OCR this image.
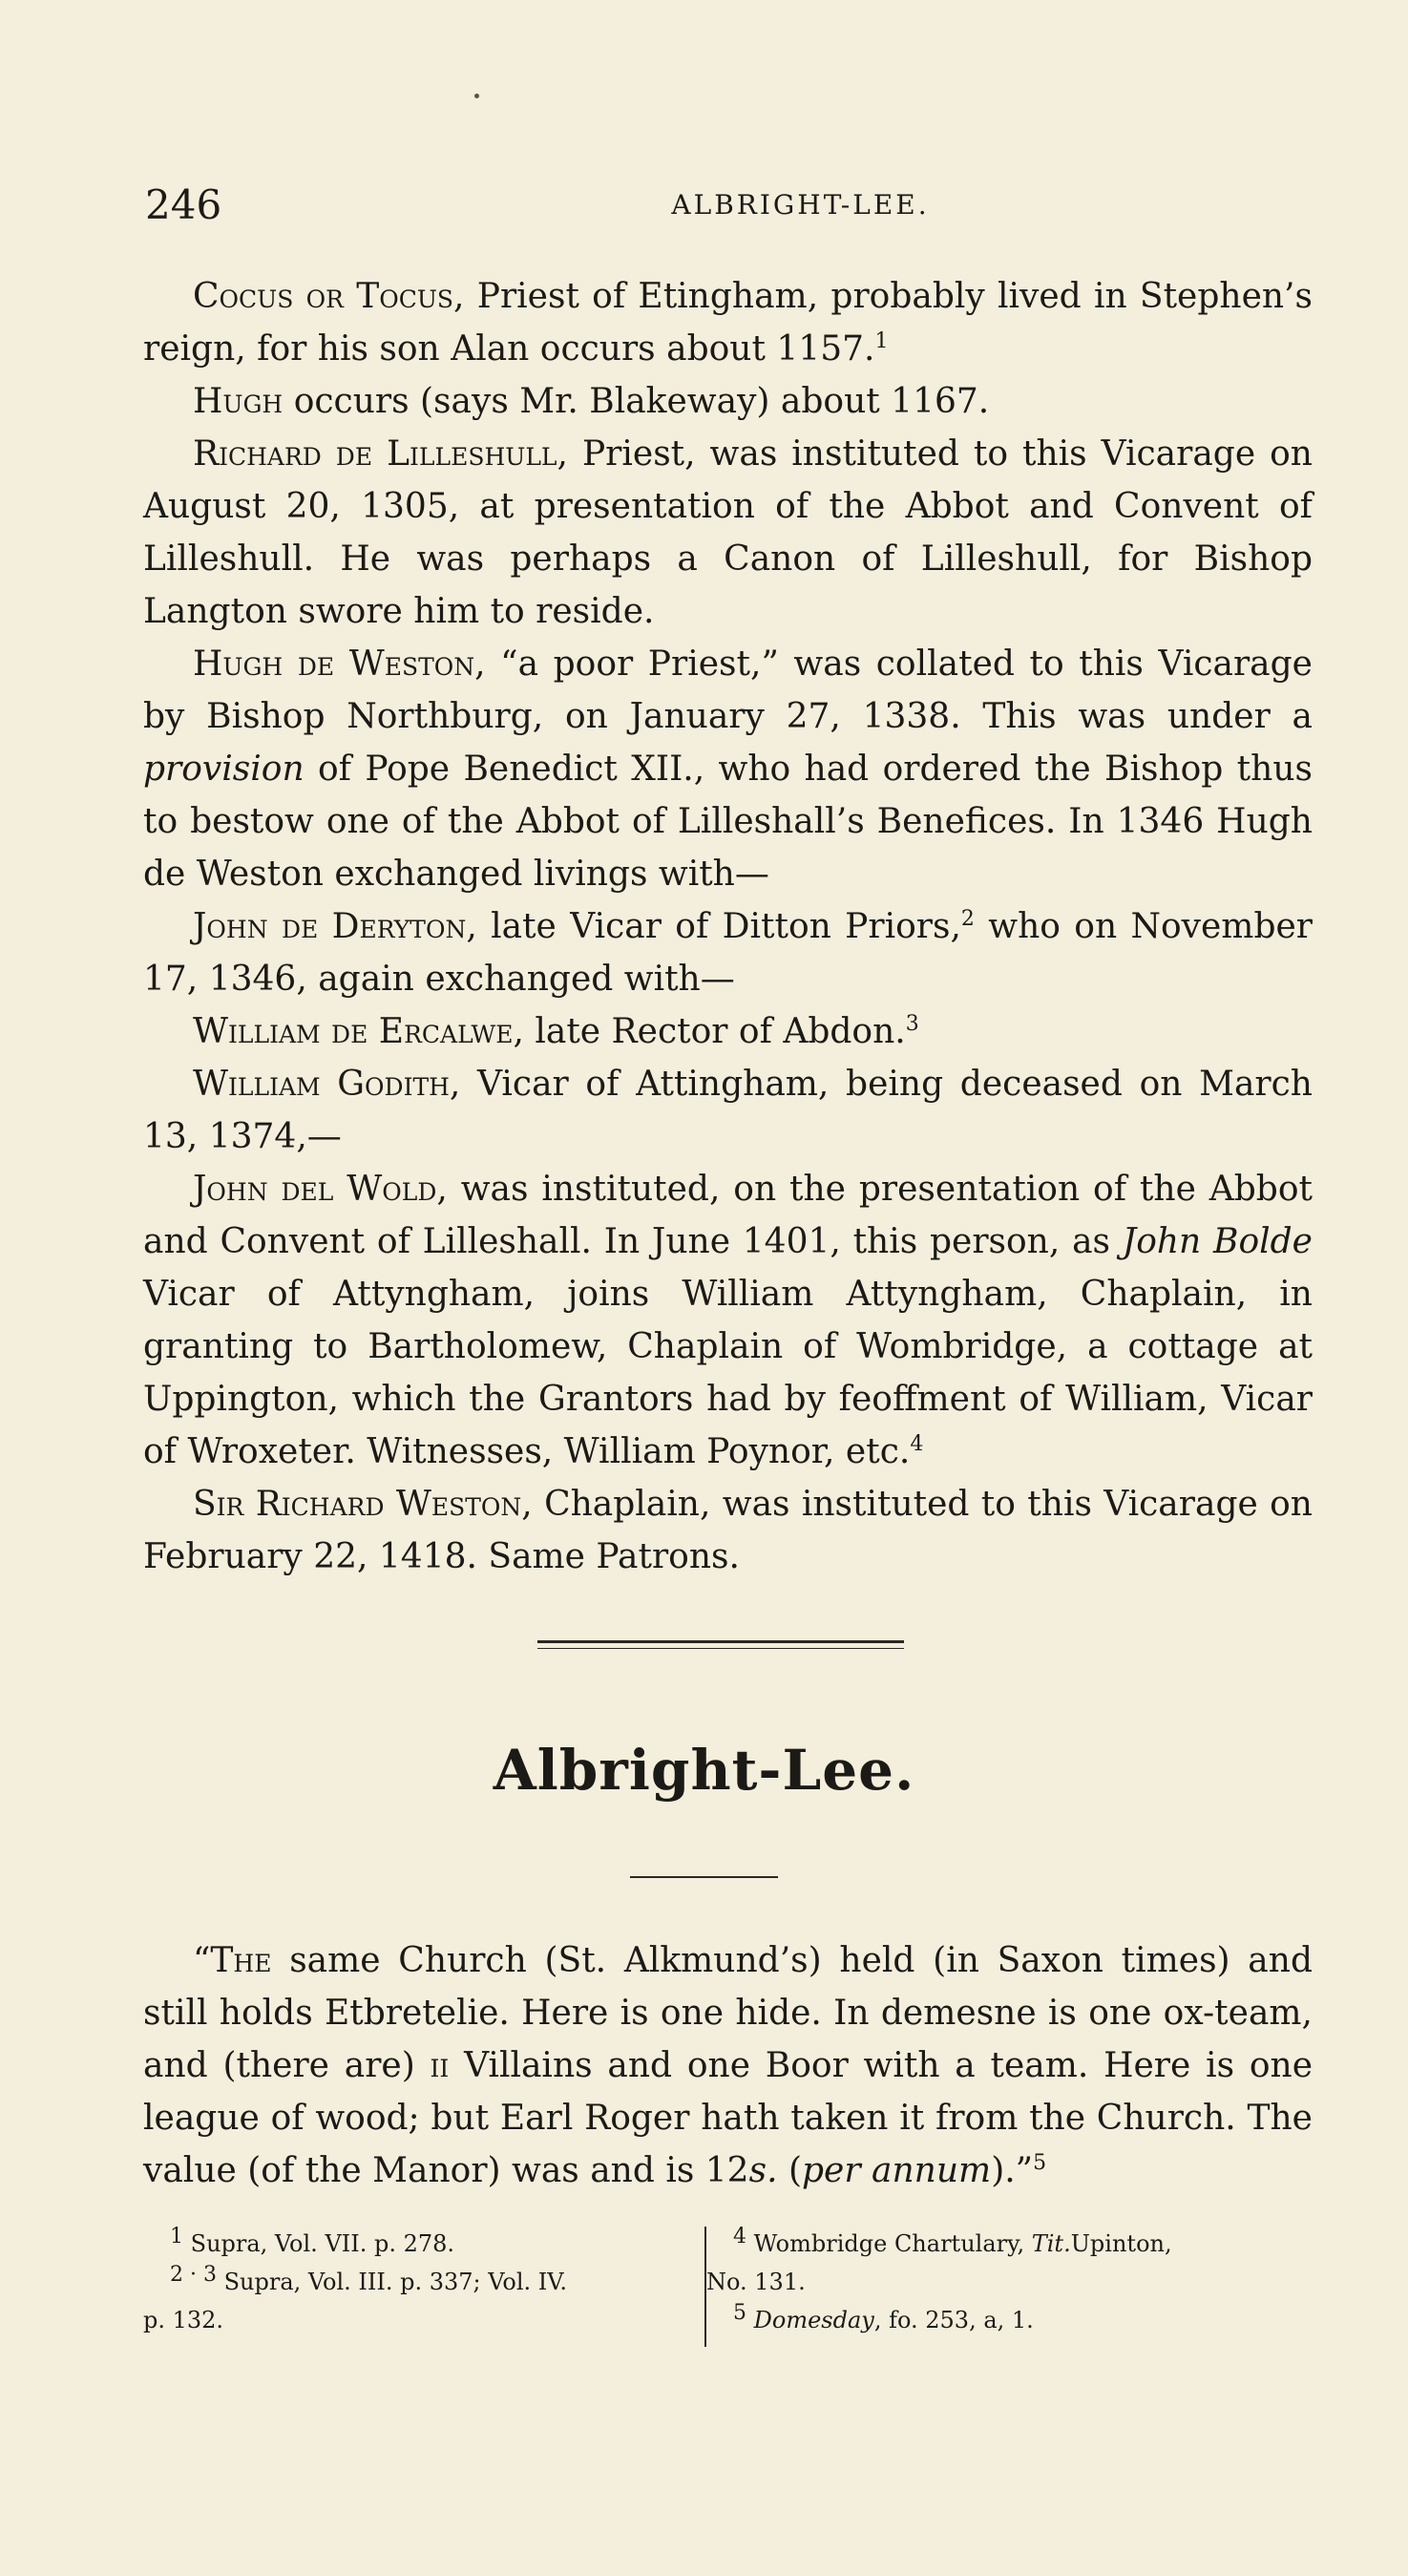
246	ALBRIGHT-LEE.

Cocus or Tocus, Priest of Etingham, probably lived in Stephen’s reign, for his son Alan occurs about 1157.$^1$

Hugh occurs (says Mr. Blakeway) about 1167.

Richard de Lilleshull, Priest, was instituted to this Vicarage on August 20, 1305, at presentation of the Abbot and Convent of Lilleshull. He was perhaps a Canon of Lilleshull, for Bishop Langton swore him to reside.

Hugh de Weston, “a poor Priest,” was collated to this Vicarage by Bishop Northburg, on January 27, 1338. This was under a provision of Pope Benedict XII., who had ordered the Bishop thus to bestow one of the Abbot of Lilleshall’s Benefices. In 1346 Hugh de Weston exchanged livings with—

John de Deryton, late Vicar of Ditton Priors,$^2$ who on November 17, 1346, again exchanged with—

William de Ercalwe, late Rector of Abdon.$^3$

William Godith, Vicar of Attingham, being deceased on March 13, 1374,—

John del Wold, was instituted, on the presentation of the Abbot and Convent of Lilleshall. In June 1401, this person, as John Bolde Vicar of Attyngham, joins William Attyngham, Chaplain, in granting to Bartholomew, Chaplain of Wombridge, a cottage at Uppington, which the Grantors had by feoffment of William, Vicar of Wroxeter. Witnesses, William Poynor, etc.$^4$

Sir Richard Weston, Chaplain, was instituted to this Vicarage on February 22, 1418. Same Patrons.

Albright-Lee.

“The same Church (St. Alkmund’s) held (in Saxon times) and still holds Etbretelie. Here is one hide. In demesne is one ox-team, and (there are) ii Villains and one Boor with a team. Here is one league of wood; but Earl Roger hath taken it from the Church. The value (of the Manor) was and is 12s. (per annum).”$^5$

$^1$ Supra, Vol. VII. p. 278.

$^{2 \cdot 3}$ Supra, Vol. III. p. 337; Vol. IV.

p. 132.

$^4$ Wombridge Chartulary, Tit.Upinton,

No. 131.

$^5$ Domesday, fo. 253, a, 1.
